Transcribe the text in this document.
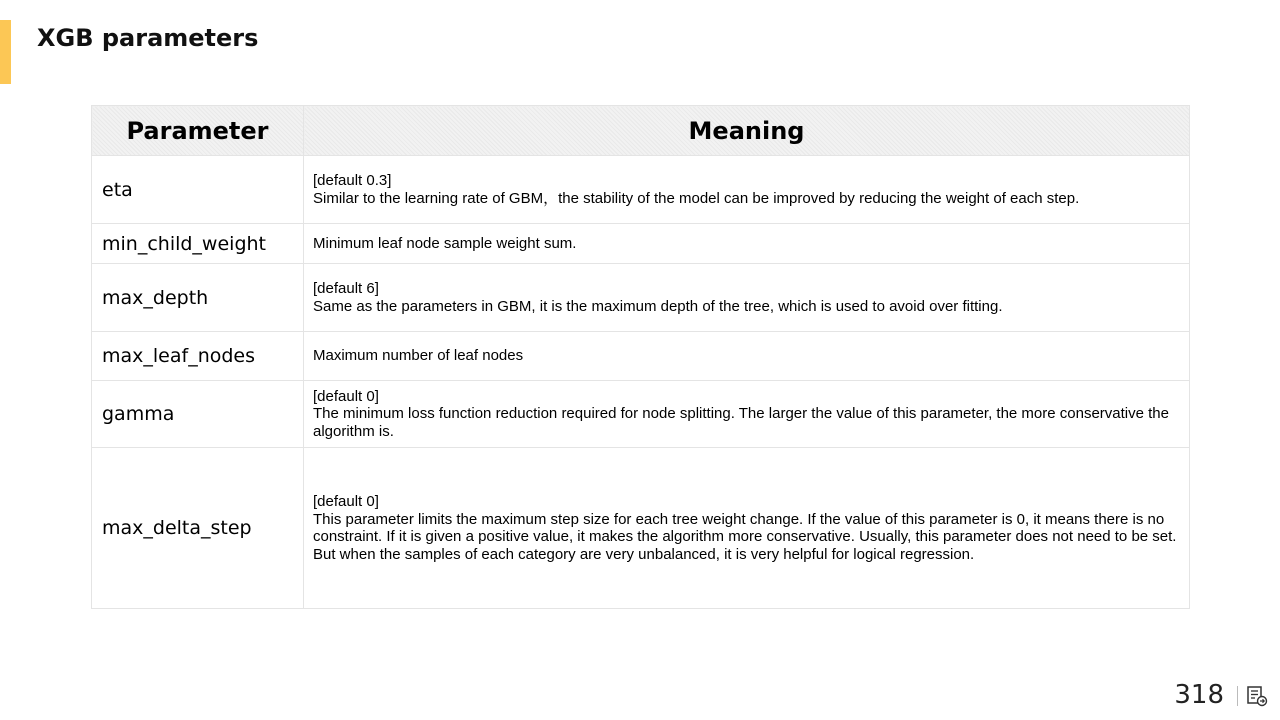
XGB parameters
Parameter	Meaning
eta	[default 0.3]
Similar to the learning rate of GBM，the stability of the model can be improved by reducing the weight of each step.

min_child_weight	Minimum leaf node sample weight sum.

max_depth	[default 6]
Same as the parameters in GBM, it is the maximum depth of the tree, which is used to avoid over fitting.

max_leaf_nodes	Maximum number of leaf nodes

gamma	[default 0]
The minimum loss function reduction required for node splitting. The larger the value of this parameter, the more conservative the algorithm is.

max_delta_step	[default 0]
This parameter limits the maximum step size for each tree weight change. If the value of this parameter is 0, it means there is no constraint. If it is given a positive value, it makes the algorithm more conservative. Usually, this parameter does not need to be set. But when the samples of each category are very unbalanced, it is very helpful for logical regression.
318
